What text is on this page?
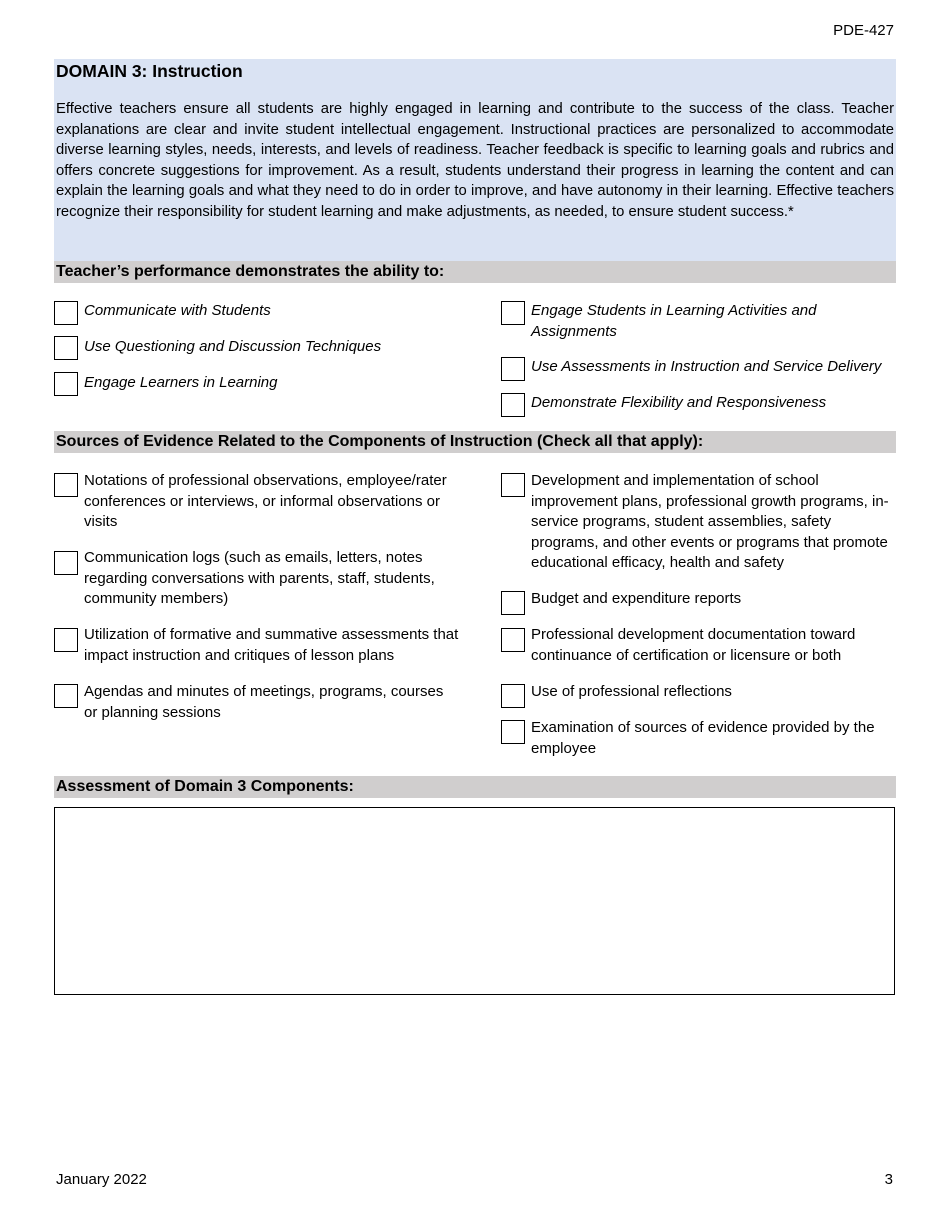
PDE-427
DOMAIN 3: Instruction

Effective teachers ensure all students are highly engaged in learning and contribute to the success of the class. Teacher explanations are clear and invite student intellectual engagement. Instructional practices are personalized to accommodate diverse learning styles, needs, interests, and levels of readiness. Teacher feedback is specific to learning goals and rubrics and offers concrete suggestions for improvement. As a result, students understand their progress in learning the content and can explain the learning goals and what they need to do in order to improve, and have autonomy in their learning. Effective teachers recognize their responsibility for student learning and make adjustments, as needed, to ensure student success.*

Teacher’s performance demonstrates the ability to:
Communicate with Students
Use Questioning and Discussion Techniques
Engage Learners in Learning
Engage Students in Learning Activities and Assignments
Use Assessments in Instruction and Service Delivery
Demonstrate Flexibility and Responsiveness
Sources of Evidence Related to the Components of Instruction (Check all that apply):
Notations of professional observations, employee/rater conferences or interviews, or informal observations or visits
Communication logs (such as emails, letters, notes regarding conversations with parents, staff, students, community members)
Utilization of formative and summative assessments that impact instruction and critiques of lesson plans
Agendas and minutes of meetings, programs, courses or planning sessions
Development and implementation of school improvement plans, professional growth programs, in-service programs, student assemblies, safety programs, and other events or programs that promote educational efficacy, health and safety
Budget and expenditure reports
Professional development documentation toward continuance of certification or licensure or both
Use of professional reflections
Examination of sources of evidence provided by the employee
Assessment of Domain 3 Components:
January 2022	3
